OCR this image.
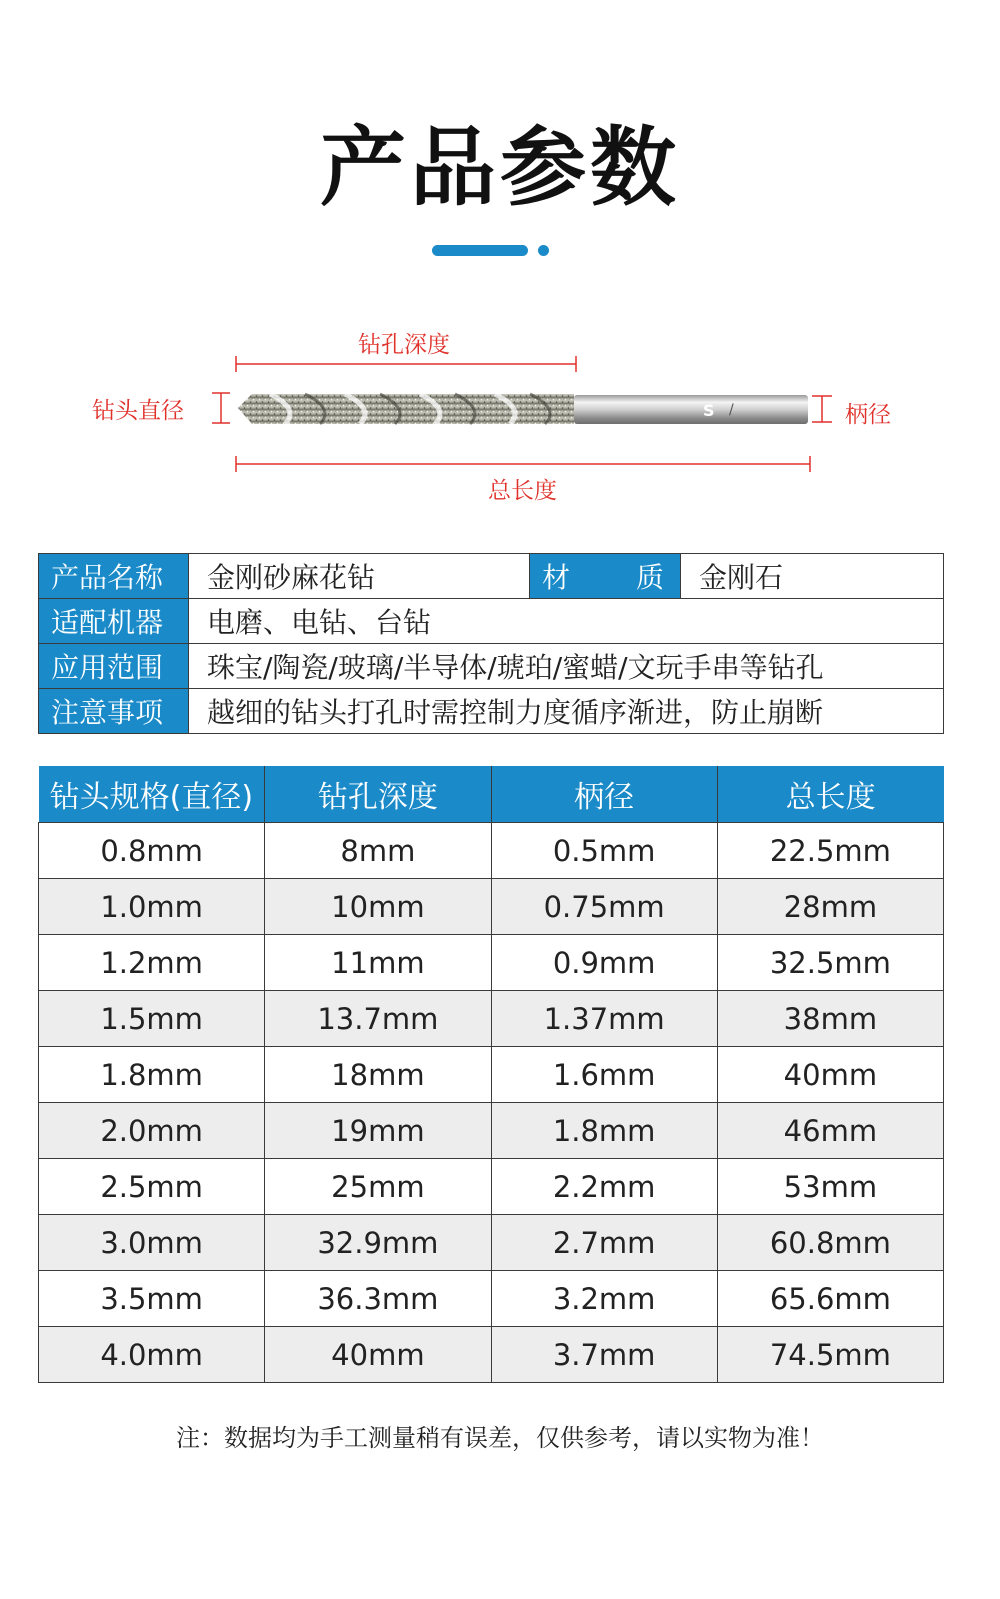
产品参数
S /
钻孔深度
钻头直径	柄径
总长度
产品名称	金刚砂麻花钻	材 质	金刚石
适配机器	电磨、电钻、台钻		
应用范围	珠宝/陶瓷/玻璃/半导体/琥珀/蜜蜡/文玩手串等钻孔		
注意事项	越细的钻头打孔时需控制力度循序渐进，防止崩断		
钻头规格(直径)	钻孔深度	柄径	总长度
0.8mm	8mm	0.5mm	22.5mm
1.0mm	10mm	0.75mm	28mm
1.2mm	11mm	0.9mm	32.5mm
1.5mm	13.7mm	1.37mm	38mm
1.8mm	18mm	1.6mm	40mm
2.0mm	19mm	1.8mm	46mm
2.5mm	25mm	2.2mm	53mm
3.0mm	32.9mm	2.7mm	60.8mm
3.5mm	36.3mm	3.2mm	65.6mm
4.0mm	40mm	3.7mm	74.5mm
注：数据均为手工测量稍有误差，仅供参考，请以实物为准！
